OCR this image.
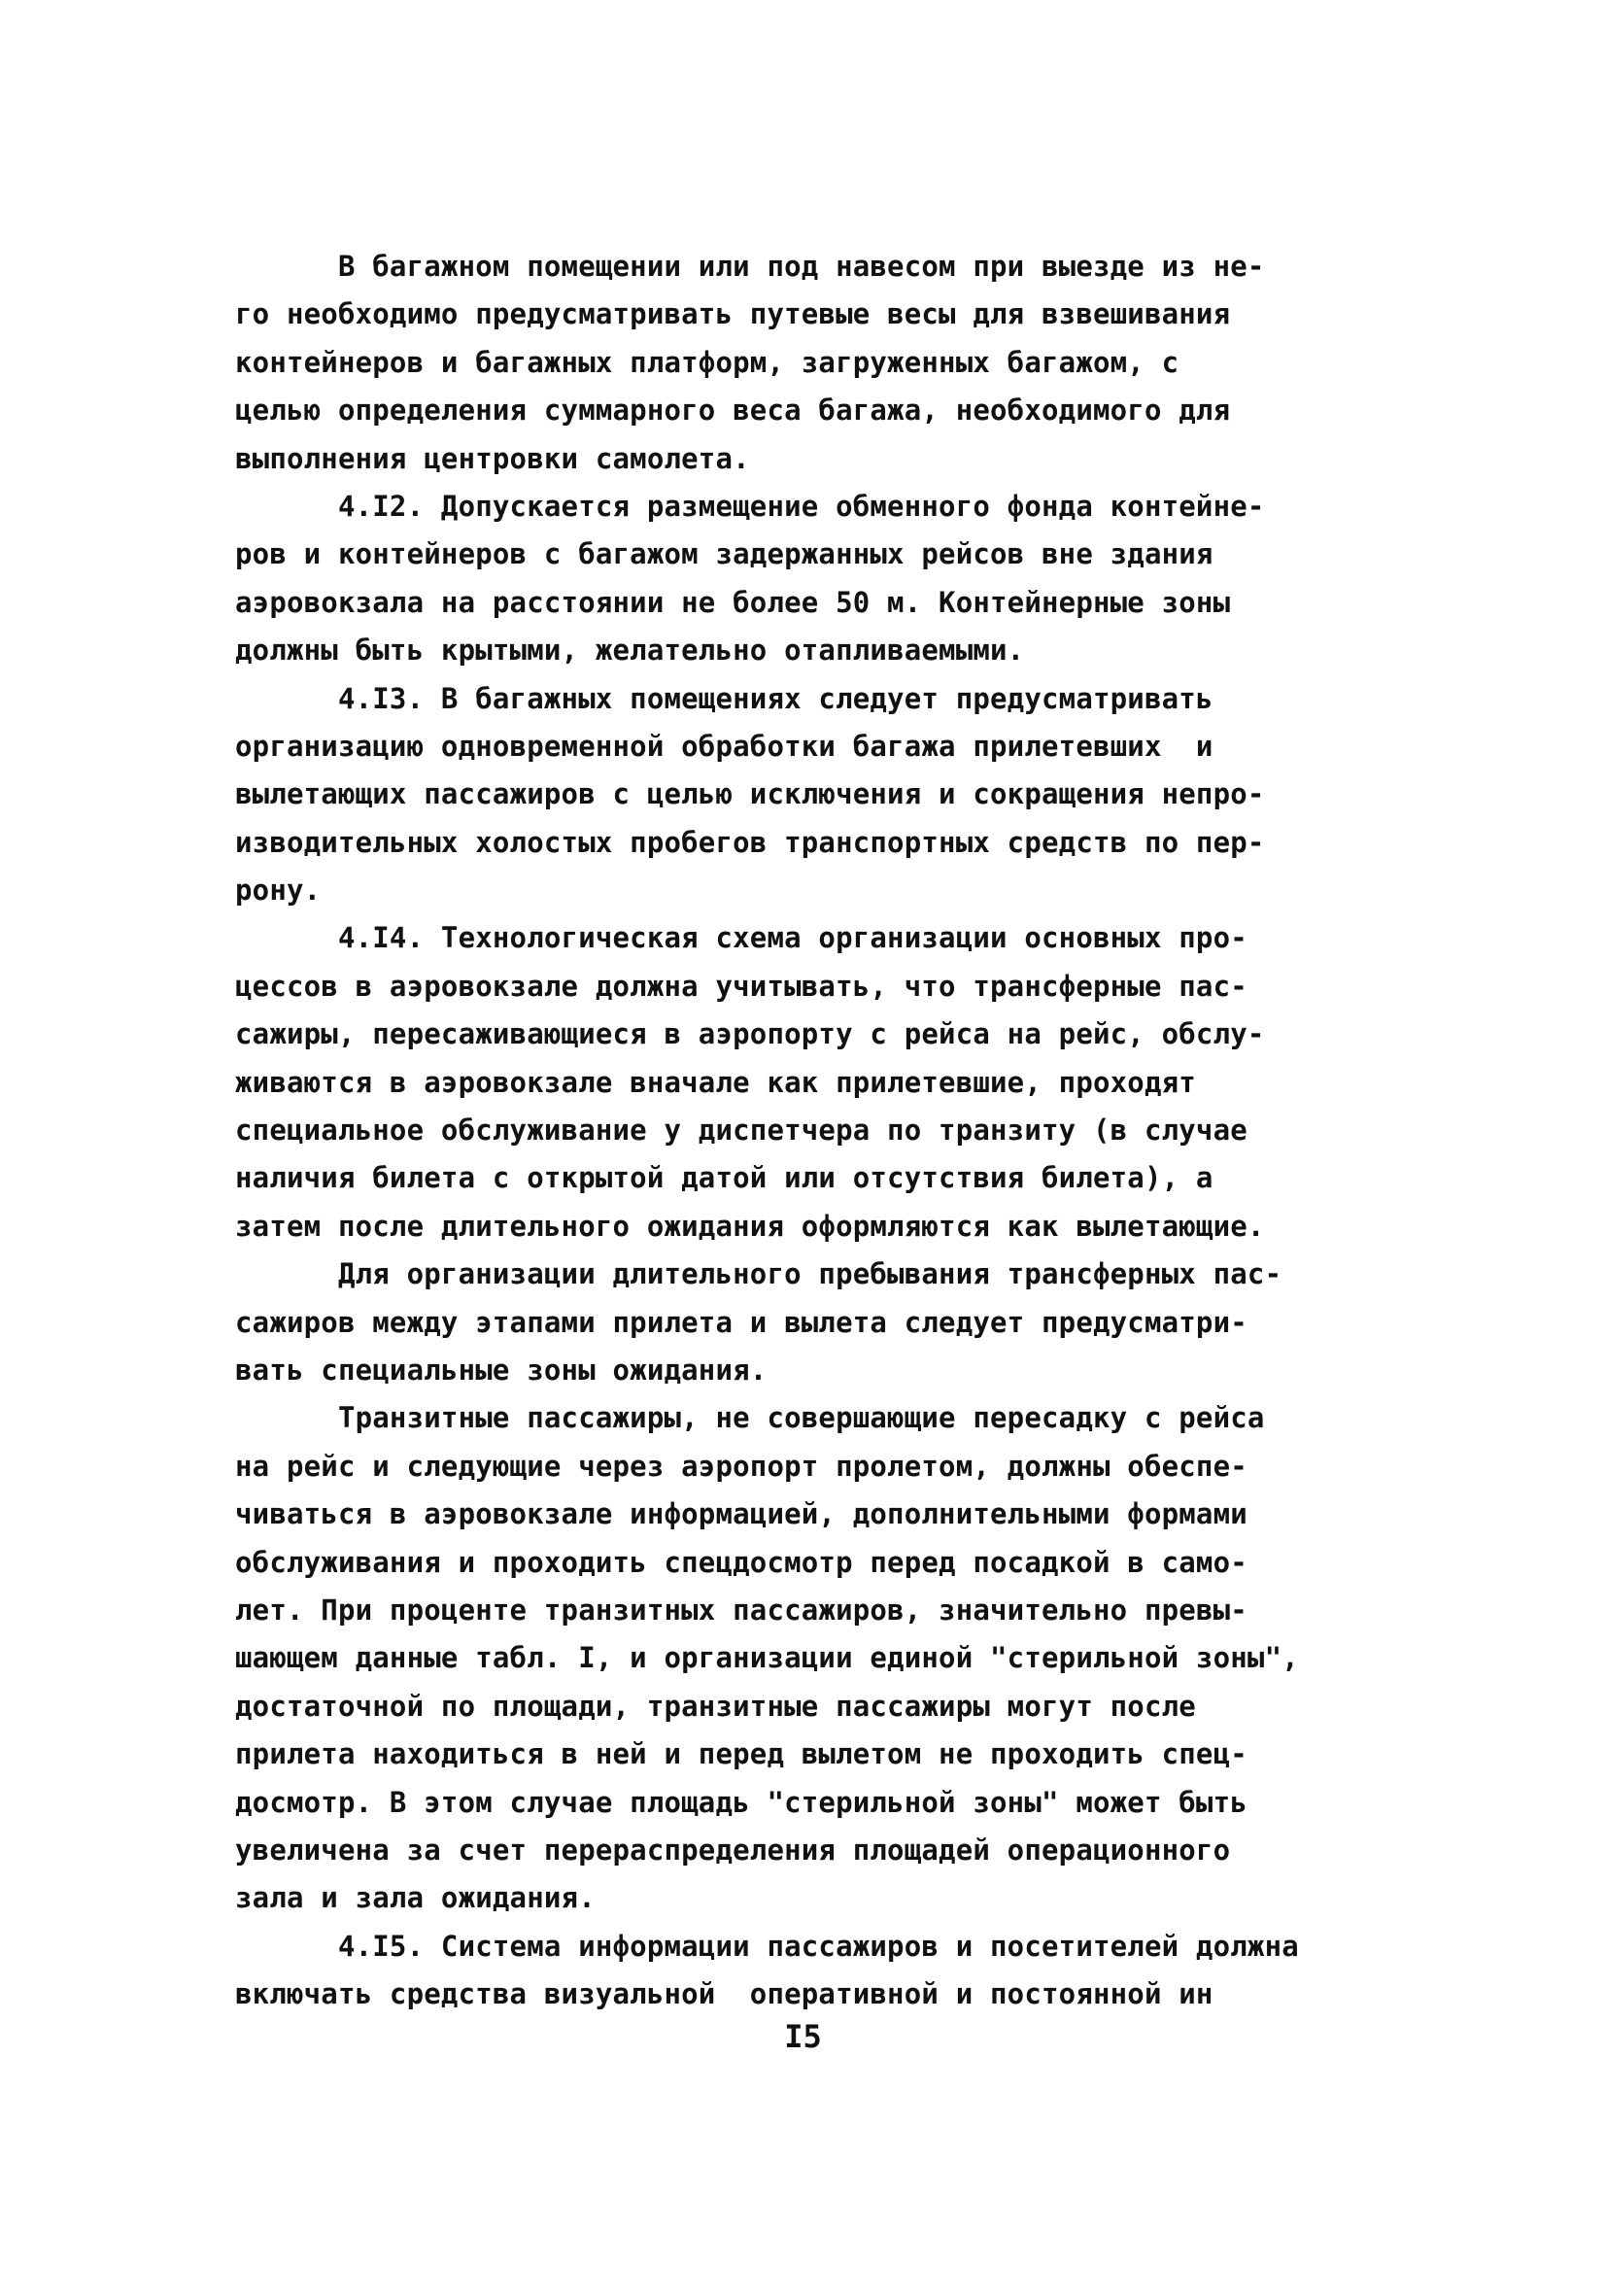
В багажном помещении или под навесом при выезде из не-
го необходимо предусматривать путевые весы для взвешивания
контейнеров и багажных платформ, загруженных багажом, с
целью определения суммарного веса багажа, необходимого для
выполнения центровки самолета.
4.I2. Допускается размещение обменного фонда контейне-
ров и контейнеров с багажом задержанных рейсов вне здания
аэровокзала на расстоянии не более 50 м. Контейнерные зоны
должны быть крытыми, желательно отапливаемыми.
4.I3. В багажных помещениях следует предусматривать
организацию одновременной обработки багажа прилетевших  и
вылетающих пассажиров с целью исключения и сокращения непро-
изводительных холостых пробегов транспортных средств по пер-
рону.
4.I4. Технологическая схема организации основных про-
цессов в аэровокзале должна учитывать, что трансферные пас-
сажиры, пересаживающиеся в аэропорту с рейса на рейс, обслу-
живаются в аэровокзале вначале как прилетевшие, проходят
специальное обслуживание у диспетчера по транзиту (в случае
наличия билета с открытой датой или отсутствия билета), а
затем после длительного ожидания оформляются как вылетающие.
Для организации длительного пребывания трансферных пас-
сажиров между этапами прилета и вылета следует предусматри-
вать специальные зоны ожидания.
Транзитные пассажиры, не совершающие пересадку с рейса
на рейс и следующие через аэропорт пролетом, должны обеспе-
чиваться в аэровокзале информацией, дополнительными формами
обслуживания и проходить спецдосмотр перед посадкой в само-
лет. При проценте транзитных пассажиров, значительно превы-
шающем данные табл. I, и организации единой "стерильной зоны",
достаточной по площади, транзитные пассажиры могут после
прилета находиться в ней и перед вылетом не проходить спец-
досмотр. В этом случае площадь "стерильной зоны" может быть
увеличена за счет перераспределения площадей операционного
зала и зала ожидания.
4.I5. Система информации пассажиров и посетителей должна
включать средства визуальной  оперативной и постоянной ин
I5
